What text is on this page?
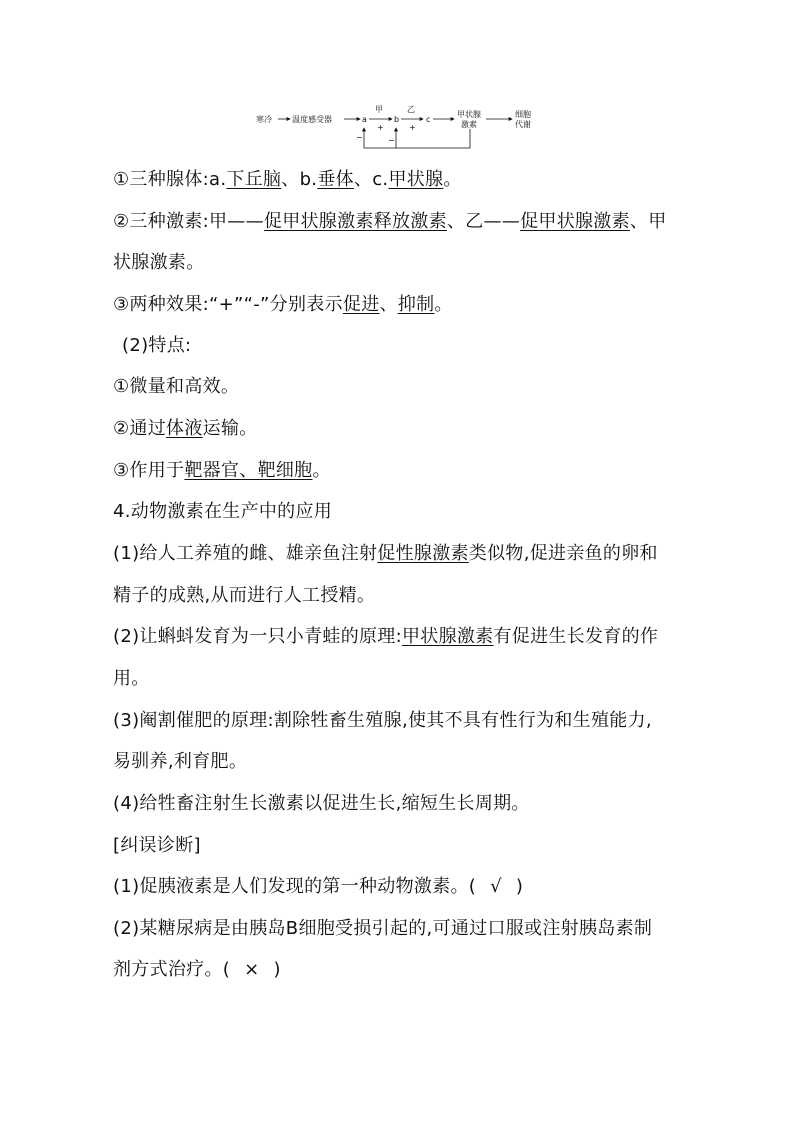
寒冷	温度感受器	a
甲
+
b
乙
+
c
甲状腺
激素
细胞
代谢
−	−
①三种腺体:a.下丘脑、b.垂体、c.甲状腺。
②三种激素:甲——促甲状腺激素释放激素、乙——促甲状腺激素、甲
状腺激素。
③两种效果:“+”“-”分别表示促进、抑制。
(2)特点:
①微量和高效。
②通过体液运输。
③作用于靶器官、靶细胞。
4.动物激素在生产中的应用
(1)给人工养殖的雌、雄亲鱼注射促性腺激素类似物,促进亲鱼的卵和
精子的成熟,从而进行人工授精。
(2)让蝌蚪发育为一只小青蛙的原理:甲状腺激素有促进生长发育的作
用。
(3)阉割催肥的原理:割除牲畜生殖腺,使其不具有性行为和生殖能力,
易驯养,利育肥。
(4)给牲畜注射生长激素以促进生长,缩短生长周期。
[纠误诊断]
(1)促胰液素是人们发现的第一种动物激素。( √ )
(2)某糖尿病是由胰岛B细胞受损引起的,可通过口服或注射胰岛素制
剂方式治疗。( × )
